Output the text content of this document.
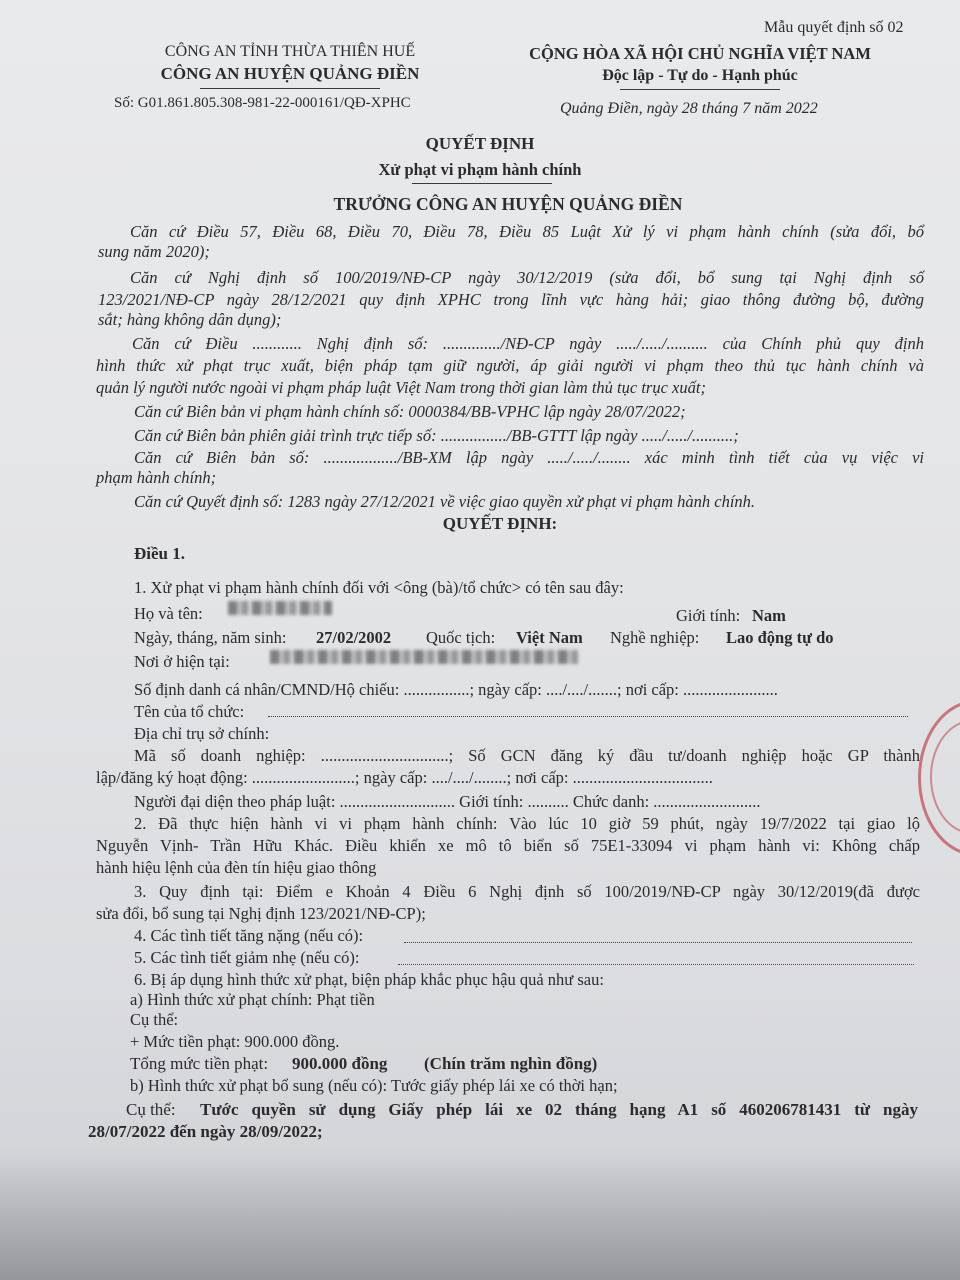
Mẫu quyết định số 02
CÔNG AN TỈNH THỪA THIÊN HUẾ
CÔNG AN HUYỆN QUẢNG ĐIỀN
Số: G01.861.805.308-981-22-000161/QĐ-XPHC
CỘNG HÒA XÃ HỘI CHỦ NGHĨA VIỆT NAM
Độc lập - Tự do - Hạnh phúc
Quảng Điền, ngày 28 tháng 7 năm 2022
QUYẾT ĐỊNH
Xử phạt vi phạm hành chính
TRƯỞNG CÔNG AN HUYỆN QUẢNG ĐIỀN
Căn cứ Điều 57, Điều 68, Điều 70, Điều 78, Điều 85 Luật Xử lý vi phạm hành chính (sửa đổi, bổ
sung năm 2020);
Căn cứ Nghị định số 100/2019/NĐ-CP ngày 30/12/2019 (sửa đổi, bổ sung tại Nghị định số
123/2021/NĐ-CP ngày 28/12/2021 quy định XPHC trong lĩnh vực hàng hải; giao thông đường bộ, đường
sắt; hàng không dân dụng);
Căn cứ Điều ............ Nghị định số: ............../NĐ-CP ngày ...../...../.......... của Chính phủ quy định
hình thức xử phạt trục xuất, biện pháp tạm giữ người, áp giải người vi phạm theo thủ tục hành chính và
quản lý người nước ngoài vi phạm pháp luật Việt Nam trong thời gian làm thủ tục trục xuất;
Căn cứ Biên bản vi phạm hành chính số: 0000384/BB-VPHC lập ngày 28/07/2022;
Căn cứ Biên bản phiên giải trình trực tiếp số: ................/BB-GTTT lập ngày ...../...../..........;
Căn cứ Biên bản số: ................../BB-XM lập ngày ...../...../........ xác minh tình tiết của vụ việc vi
phạm hành chính;
Căn cứ Quyết định số: 1283 ngày 27/12/2021 về việc giao quyền xử phạt vi phạm hành chính.
QUYẾT ĐỊNH:
Điều 1.
1. Xử phạt vi phạm hành chính đối với <ông (bà)/tổ chức> có tên sau đây:
Họ và tên:	Giới tính: Nam
Ngày, tháng, năm sinh: 27/02/2002 Quốc tịch: Việt Nam Nghề nghiệp: Lao động tự do
Nơi ở hiện tại:
Số định danh cá nhân/CMND/Hộ chiếu: ................; ngày cấp: ..../..../.......; nơi cấp: .......................
Tên của tổ chức:
Địa chỉ trụ sở chính:
Mã số doanh nghiệp: ...............................; Số GCN đăng ký đầu tư/doanh nghiệp hoặc GP thành
lập/đăng ký hoạt động: .........................; ngày cấp: ..../..../........; nơi cấp: ..................................
Người đại diện theo pháp luật: ............................ Giới tính: .......... Chức danh: ..........................
2. Đã thực hiện hành vi vi phạm hành chính: Vào lúc 10 giờ 59 phút, ngày 19/7/2022 tại giao lộ
Nguyễn Vịnh- Trần Hữu Khác. Điều khiển xe mô tô biển số 75E1-33094 vi phạm hành vi: Không chấp
hành hiệu lệnh của đèn tín hiệu giao thông
3. Quy định tại: Điểm e Khoản 4 Điều 6 Nghị định số 100/2019/NĐ-CP ngày 30/12/2019(đã được
sửa đổi, bổ sung tại Nghị định 123/2021/NĐ-CP);
4. Các tình tiết tăng nặng (nếu có):
5. Các tình tiết giảm nhẹ (nếu có):
6. Bị áp dụng hình thức xử phạt, biện pháp khắc phục hậu quả như sau:
a) Hình thức xử phạt chính: Phạt tiền
Cụ thể:
+ Mức tiền phạt: 900.000 đồng.
Tổng mức tiền phạt: 900.000 đồng (Chín trăm nghìn đồng)
b) Hình thức xử phạt bổ sung (nếu có): Tước giấy phép lái xe có thời hạn;
Cụ thể: Tước quyền sử dụng Giấy phép lái xe 02 tháng hạng A1 số 460206781431 từ ngày
28/07/2022 đến ngày 28/09/2022;
